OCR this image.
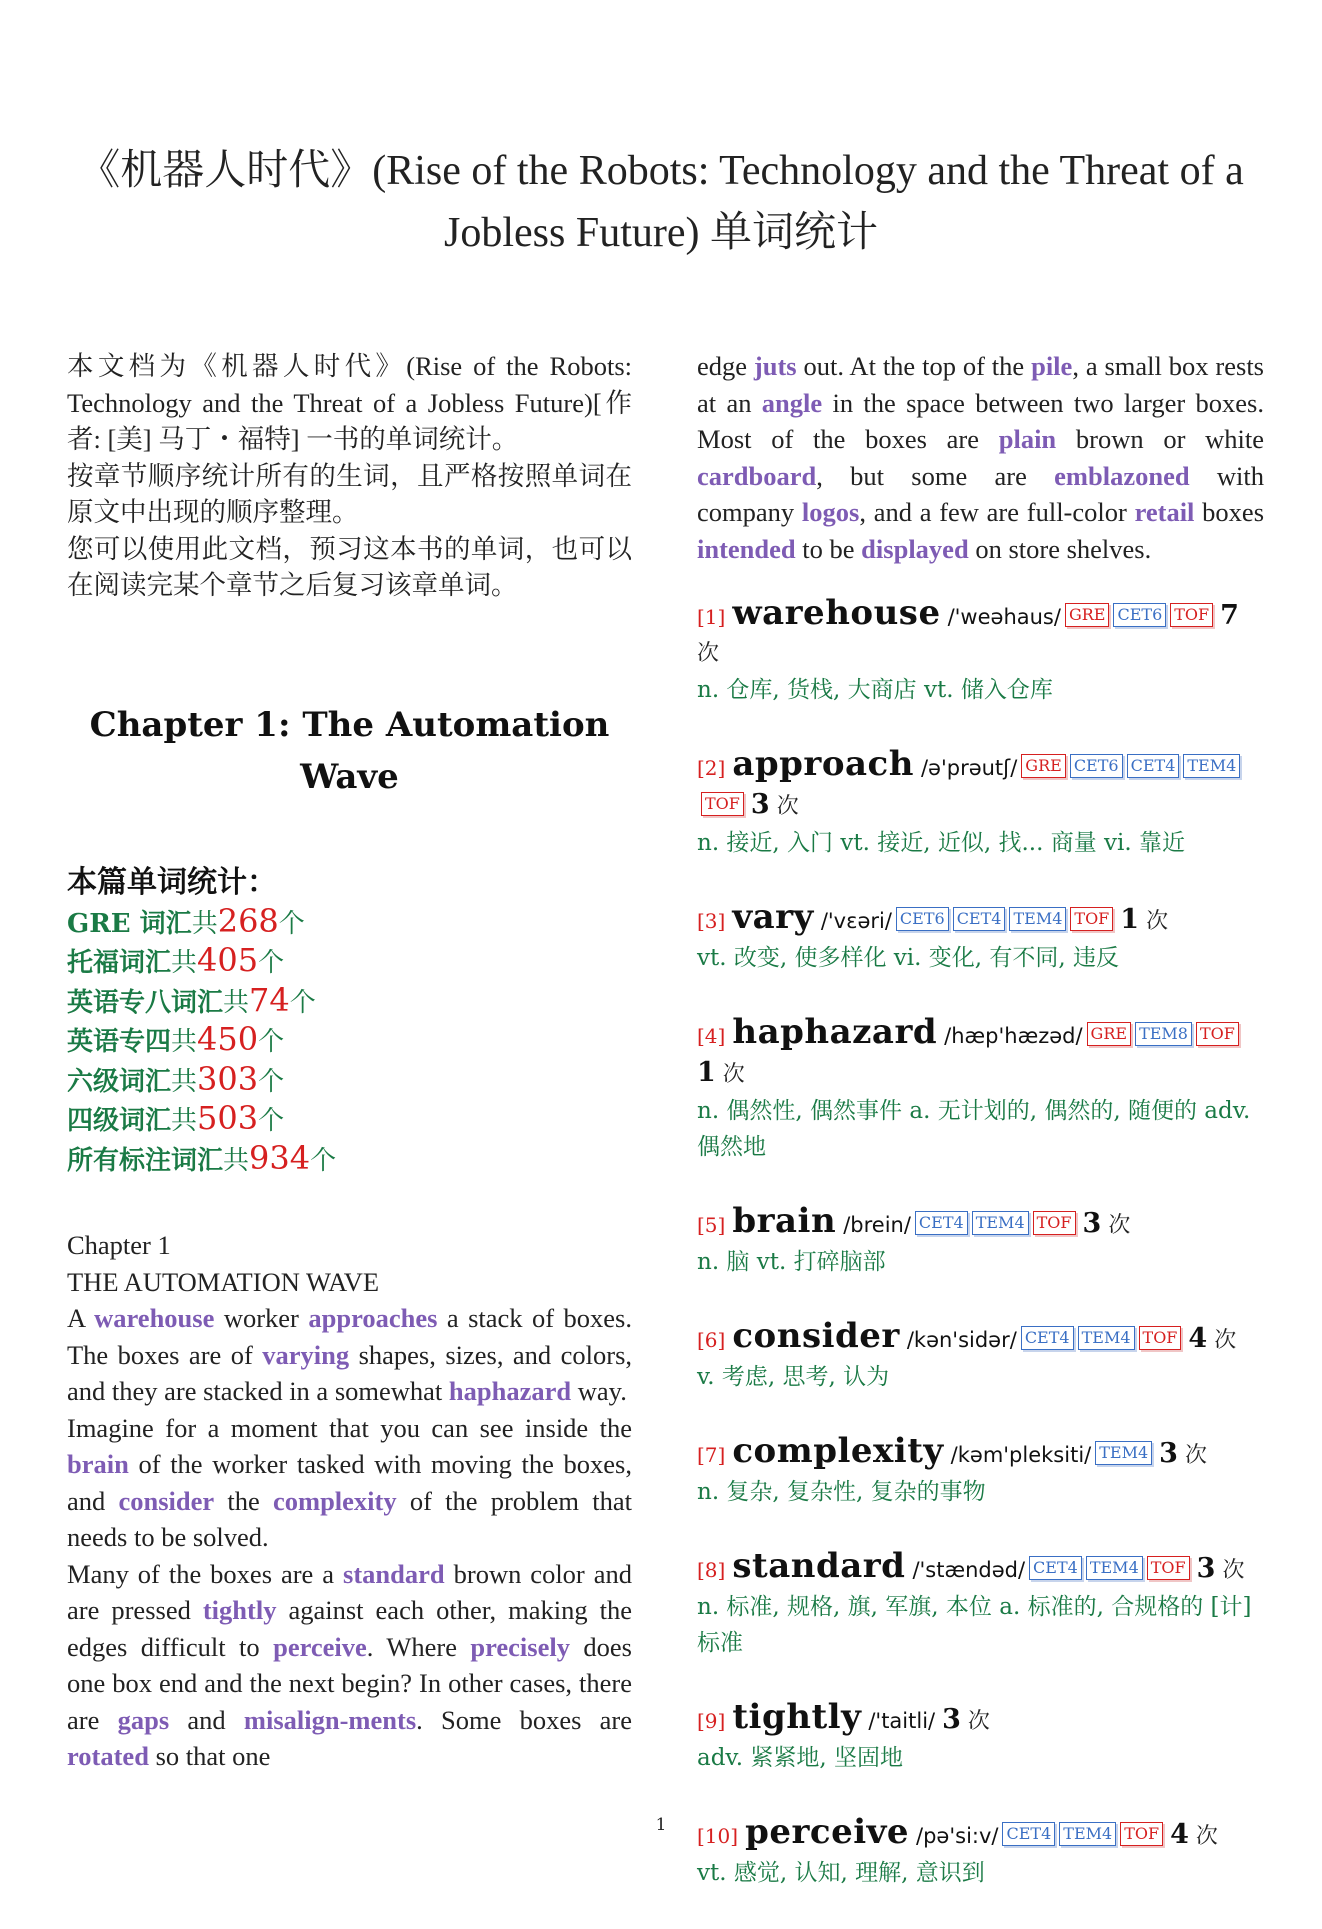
《机器人时代》(Rise of the Robots: Technology and the Threat of a Jobless Future) 单词统计

本文档为《机器人时代》(Rise of the Robots: Technology and the Threat of a Jobless Future)[作者: [美] 马丁・福特] 一书的单词统计。
按章节顺序统计所有的生词，且严格按照单词在原文中出现的顺序整理。
您可以使用此文档，预习这本书的单词，也可以在阅读完某个章节之后复习该章单词。

Chapter 1: The Automation Wave
本篇单词统计：
GRE 词汇共268个
托福词汇共405个
英语专八词汇共74个
英语专四共450个
六级词汇共303个
四级词汇共503个
所有标注词汇共934个

Chapter 1

THE AUTOMATION WAVE

A warehouse worker approaches a stack of boxes. The boxes are of varying shapes, sizes, and colors, and they are stacked in a somewhat haphazard way.

Imagine for a moment that you can see inside the brain of the worker tasked with moving the boxes, and consider the complexity of the problem that needs to be solved.

Many of the boxes are a standard brown color and are pressed tightly against each other, making the edges difficult to perceive. Where precisely does one box end and the next begin? In other cases, there are gaps and misalign-ments. Some boxes are rotated so that one

edge juts out. At the top of the pile, a small box rests at an angle in the space between two larger boxes. Most of the boxes are plain brown or white cardboard, but some are emblazoned with company logos, and a few are full-color retail boxes intended to be displayed on store shelves.

[1] warehouse /'weəhaus/ GRE CET6 TOF 7 次
n. 仓库, 货栈, 大商店 vt. 储入仓库
[2] approach /ə'prəutʃ/ GRE CET6 CET4 TEM4TOF 3 次
n. 接近, 入门 vt. 接近, 近似, 找... 商量 vi. 靠近
[3] vary /'vɛəri/ CET6 CET4 TEM4 TOF 1 次
vt. 改变, 使多样化 vi. 变化, 有不同, 违反
[4] haphazard /hæp'hæzəd/ GRE TEM8 TOF 1 次
n. 偶然性, 偶然事件 a. 无计划的, 偶然的, 随便的 adv. 偶然地
[5] brain /brein/ CET4 TEM4 TOF 3 次
n. 脑 vt. 打碎脑部
[6] consider /kən'sidər/ CET4 TEM4 TOF 4 次
v. 考虑, 思考, 认为
[7] complexity /kəm'pleksiti/ TEM4 3 次
n. 复杂, 复杂性, 复杂的事物
[8] standard /'stændəd/ CET4 TEM4 TOF 3 次
n. 标准, 规格, 旗, 军旗, 本位 a. 标准的, 合规格的 [计] 标准
[9] tightly /'taitli/ 3 次
adv. 紧紧地, 坚固地
[10] perceive /pə'si:v/ CET4 TEM4 TOF 4 次
vt. 感觉, 认知, 理解, 意识到
1
